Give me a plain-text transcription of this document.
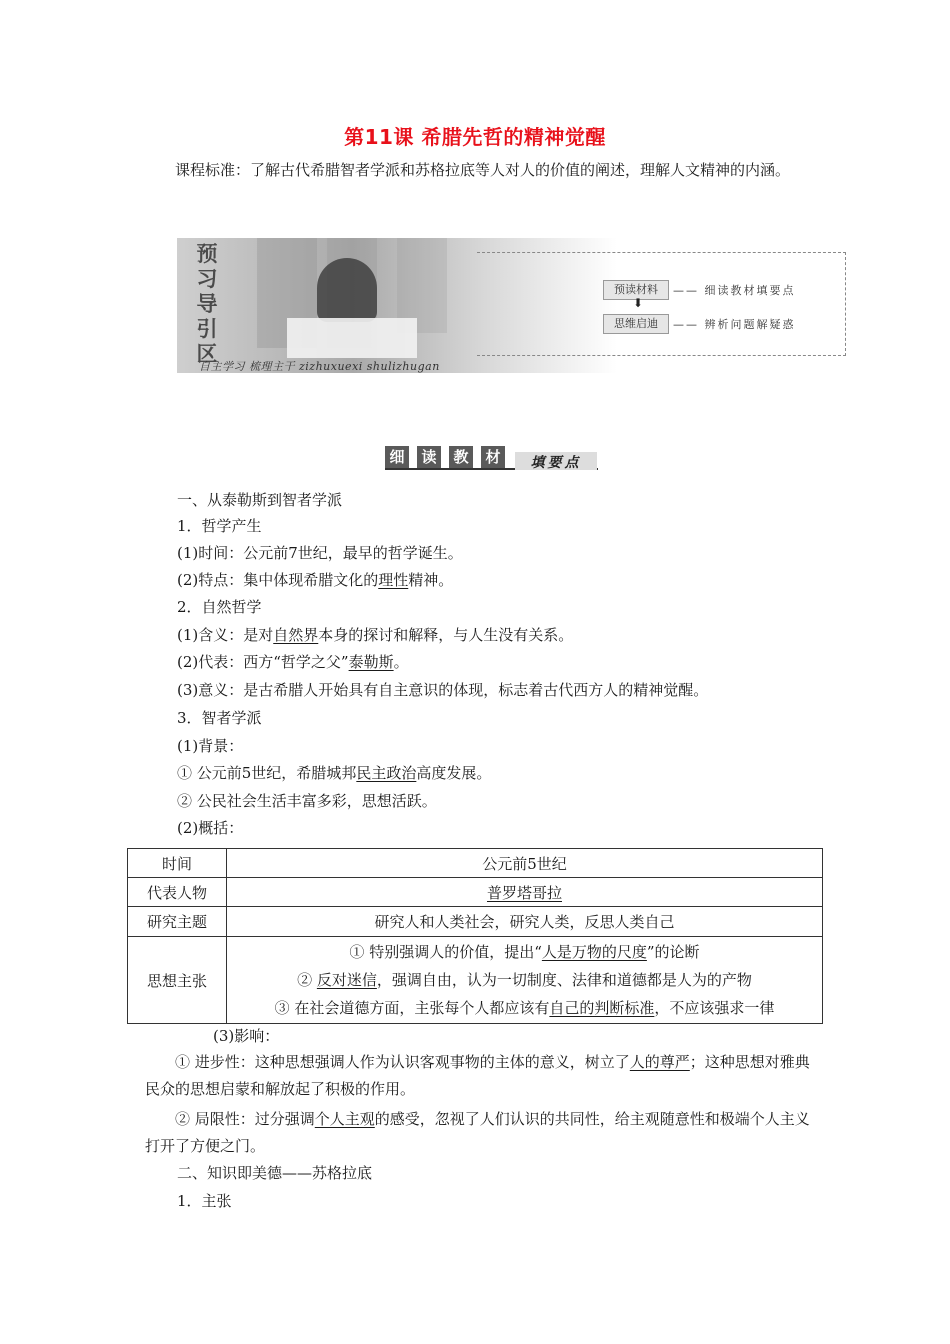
第11课 希腊先哲的精神觉醒
课程标准：了解古代希腊智者学派和苏格拉底等人对人的价值的阐述，理解人文精神的内涵。
预
习
导
引
区
自主学习 梳理主干 zizhuxuexi shulizhugan
预读材料	—— 细读教材填要点
⬇
思维启迪	—— 辨析问题解疑惑
细	读	教	材	填要点
一、从泰勒斯到智者学派
1．哲学产生
(1)时间：公元前7世纪，最早的哲学诞生。
(2)特点：集中体现希腊文化的理性精神。
2．自然哲学
(1)含义：是对自然界本身的探讨和解释，与人生没有关系。
(2)代表：西方“哲学之父”泰勒斯。
(3)意义：是古希腊人开始具有自主意识的体现，标志着古代西方人的精神觉醒。
3．智者学派
(1)背景：
① 公元前5世纪，希腊城邦民主政治高度发展。
② 公民社会生活丰富多彩，思想活跃。
(2)概括：
时间	公元前5世纪
代表人物	普罗塔哥拉
研究主题	研究人和人类社会，研究人类，反思人类自己
思想主张	① 特别强调人的价值，提出“人是万物的尺度”的论断
② 反对迷信，强调自由，认为一切制度、法律和道德都是人为的产物
③ 在社会道德方面，主张每个人都应该有自己的判断标准，不应该强求一律
(3)影响：
① 进步性：这种思想强调人作为认识客观事物的主体的意义，树立了人的尊严；这种思想对雅典民众的思想启蒙和解放起了积极的作用。
② 局限性：过分强调个人主观的感受，忽视了人们认识的共同性，给主观随意性和极端个人主义打开了方便之门。
二、知识即美德——苏格拉底
1．主张
